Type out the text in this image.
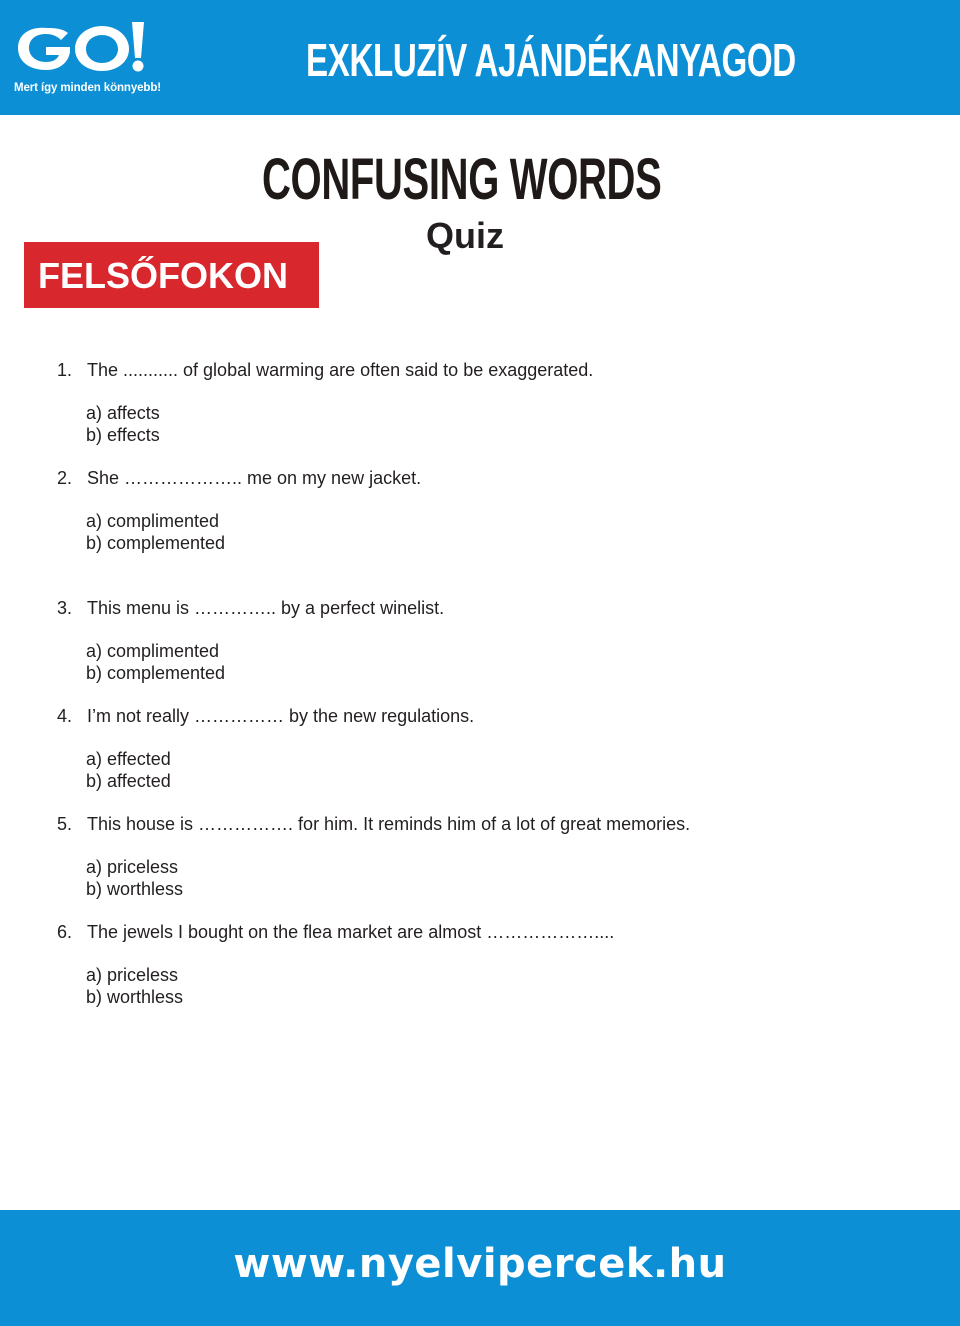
Mert így minden könnyebb!
EXKLUZÍV AJÁNDÉKANYAGOD
CONFUSING WORDS
Quiz
FELSŐFOKON
1. The ........... of global warming are often said to be exaggerated.
a) affects
b) effects
2. She ……………….. me on my new jacket.
a) complimented
b) complemented
3. This menu is ………….. by a perfect winelist.
a) complimented
b) complemented
4. I’m not really …………… by the new regulations.
a) effected
b) affected
5. This house is ……………. for him. It reminds him of a lot of great memories.
a) priceless
b) worthless
6. The jewels I bought on the flea market are almost ………………....
a) priceless
b) worthless
www.nyelvipercek.hu
